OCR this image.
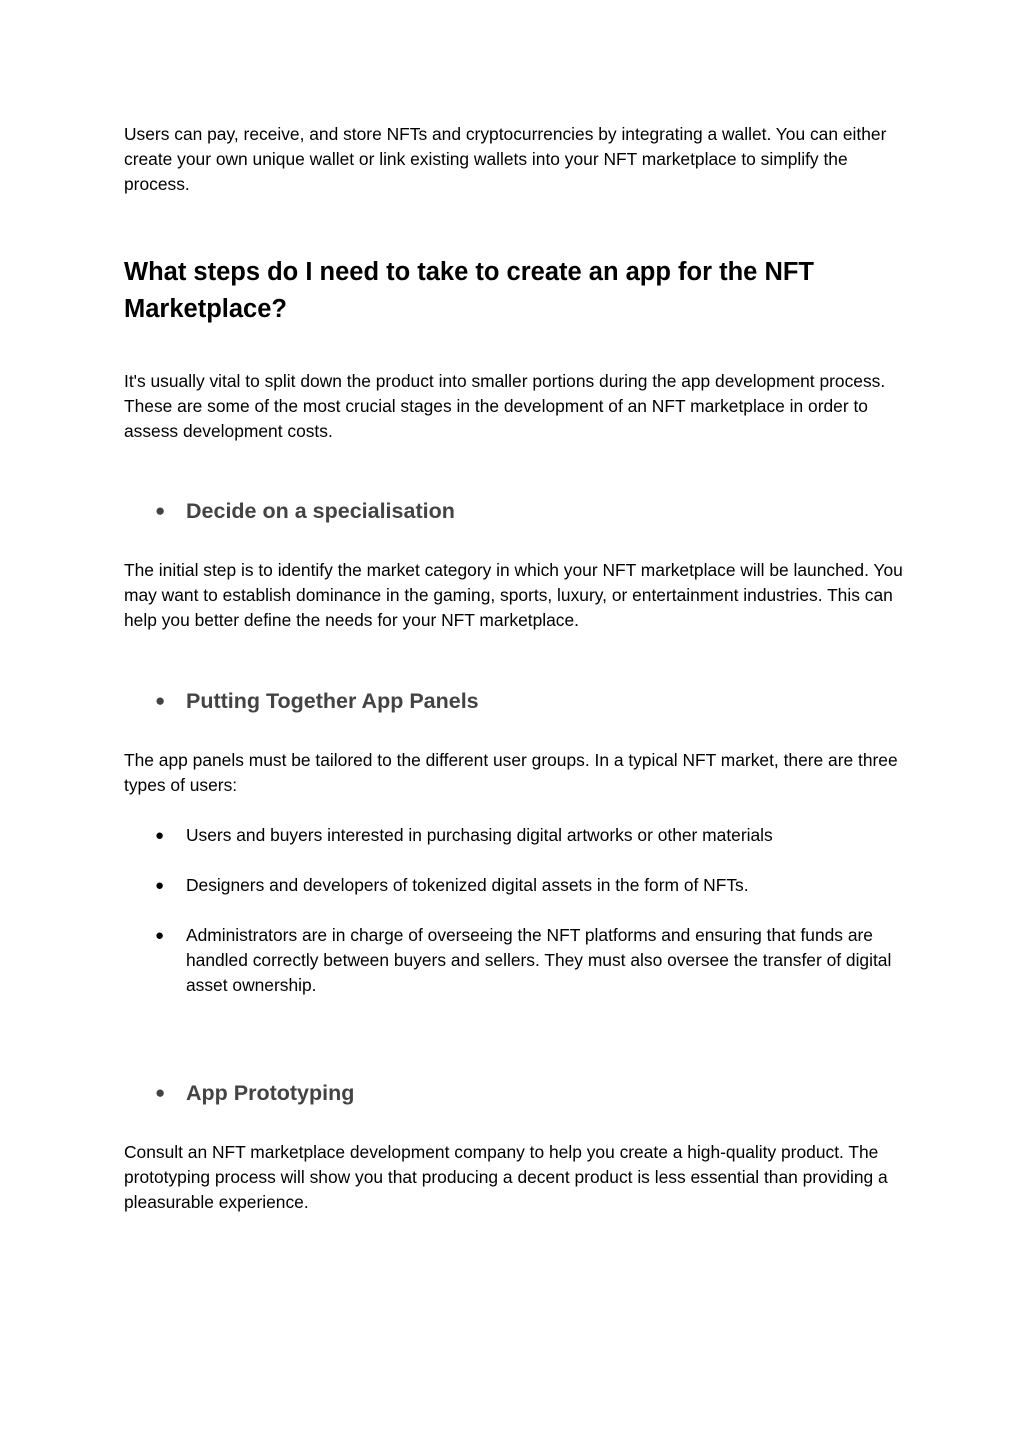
Users can pay, receive, and store NFTs and cryptocurrencies by integrating a wallet. You can either create your own unique wallet or link existing wallets into your NFT marketplace to simplify the process.

What steps do I need to take to create an app for the NFT Marketplace?

It's usually vital to split down the product into smaller portions during the app development process. These are some of the most crucial stages in the development of an NFT marketplace in order to assess development costs.

● Decide on a specialisation

The initial step is to identify the market category in which your NFT marketplace will be launched. You may want to establish dominance in the gaming, sports, luxury, or entertainment industries. This can help you better define the needs for your NFT marketplace.

● Putting Together App Panels

The app panels must be tailored to the different user groups. In a typical NFT market, there are three types of users:

● Users and buyers interested in purchasing digital artworks or other materials
● Designers and developers of tokenized digital assets in the form of NFTs.
● Administrators are in charge of overseeing the NFT platforms and ensuring that funds are handled correctly between buyers and sellers. They must also oversee the transfer of digital asset ownership.
● App Prototyping

Consult an NFT marketplace development company to help you create a high-quality product. The prototyping process will show you that producing a decent product is less essential than providing a pleasurable experience.
